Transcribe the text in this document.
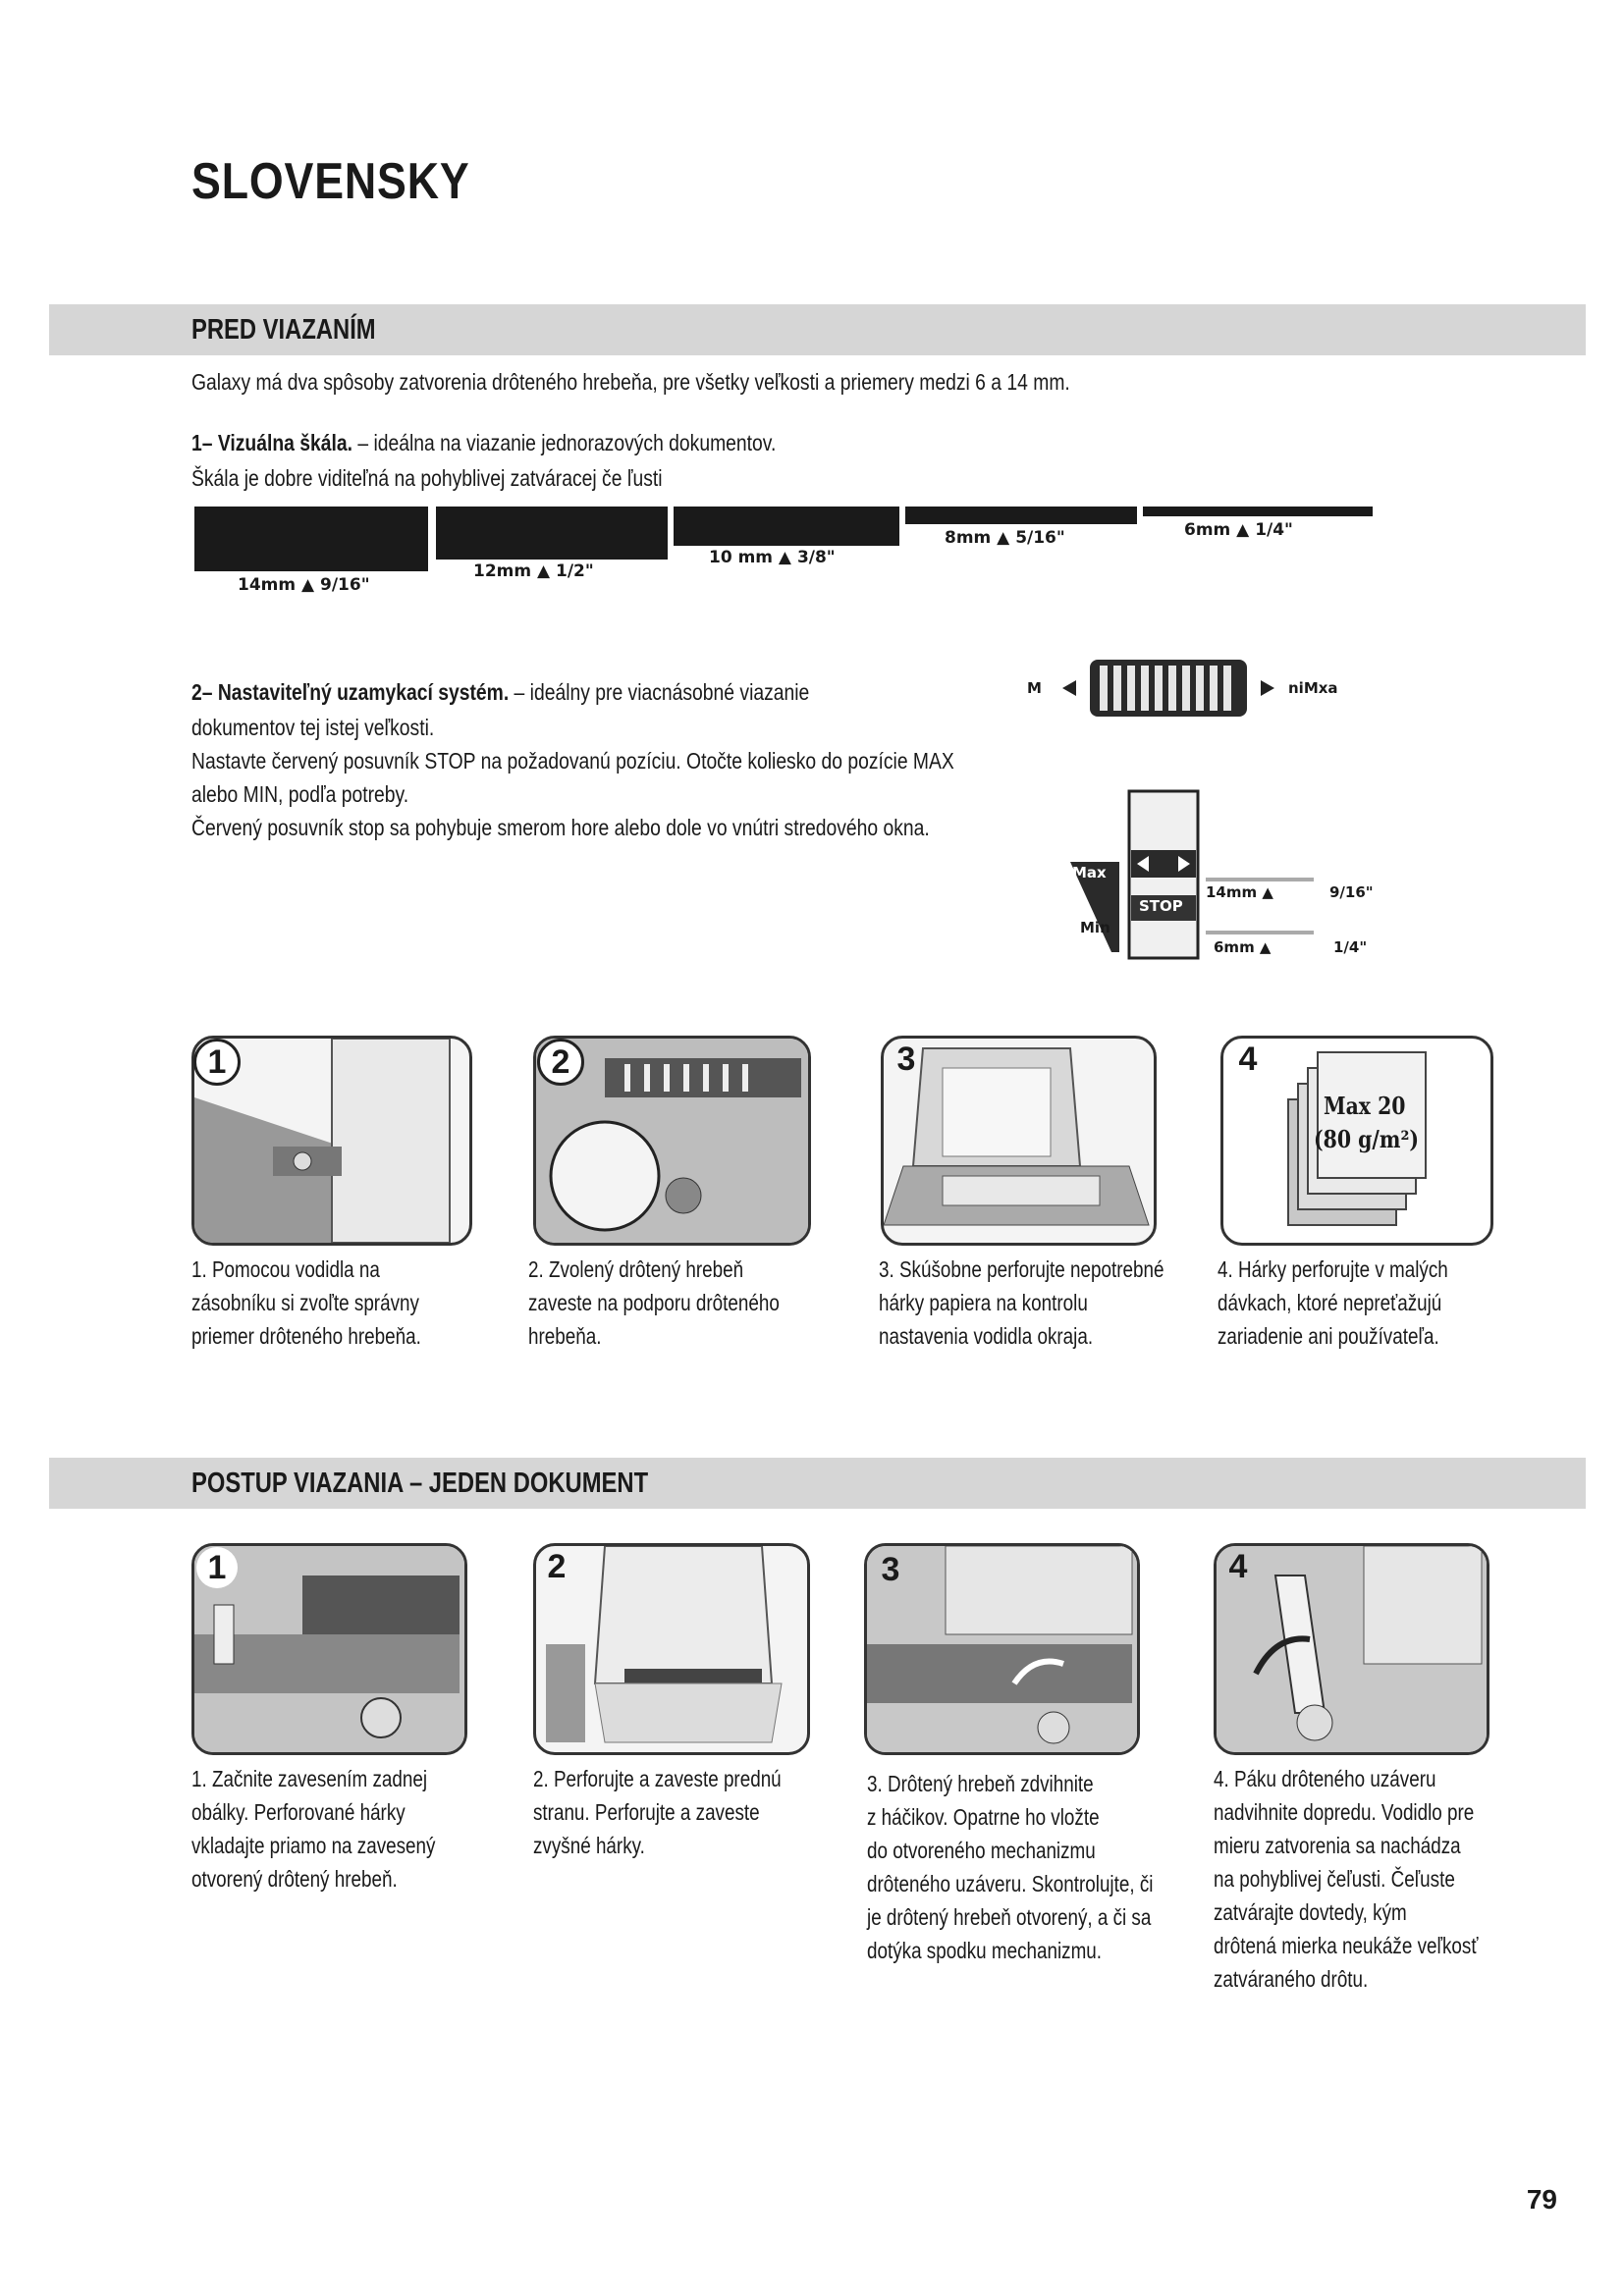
SLOVENSKY
PRED VIAZANÍM
Galaxy má dva spôsoby zatvorenia drôteného hrebeňa, pre všetky veľkosti a priemery medzi 6 a 14 mm.
1– Vizuálna škála. – ideálna na viazanie jednorazových dokumentov.
Škála je dobre viditeľná na pohyblivej zatváracej če ľusti
14mm ▲ 9/16"
12mm ▲ 1/2"
10 mm ▲ 3/8"
8mm ▲ 5/16"	6mm ▲ 1/4"
2– Nastaviteľný uzamykací systém. – ideálny pre viacnásobné viazanie
dokumentov tej istej veľkosti.
Nastavte červený posuvník STOP na požadovanú pozíciu. Otočte koliesko do pozície MAX
alebo MIN, podľa potreby.
Červený posuvník stop sa pohybuje smerom hore alebo dole vo vnútri stredového okna.
M	niMxa
Max
Min
STOP
14mm ▲	9/16"
6mm ▲	1/4"
1	2	3	4
Max 20
(80 g/m²)
1. Pomocou vodidla na
zásobníku si zvoľte správny
priemer drôteného hrebeňa.
2. Zvolený drôtený hrebeň
zaveste na podporu drôteného
hrebeňa.
3. Skúšobne perforujte nepotrebné
hárky papiera na kontrolu
nastavenia vodidla okraja.
4. Hárky perforujte v malých
dávkach, ktoré nepreťažujú
zariadenie ani používateľa.
POSTUP VIAZANIA – JEDEN DOKUMENT
1	2	3	4
1. Začnite zavesením zadnej
obálky. Perforované hárky
vkladajte priamo na zavesený
otvorený drôtený hrebeň.
2. Perforujte a zaveste prednú
stranu. Perforujte a zaveste
zvyšné hárky.
3. Drôtený hrebeň zdvihnite
z háčikov. Opatrne ho vložte
do otvoreného mechanizmu
drôteného uzáveru. Skontrolujte, či
je drôtený hrebeň otvorený, a či sa
dotýka spodku mechanizmu.
4. Páku drôteného uzáveru
nadvihnite dopredu. Vodidlo pre
mieru zatvorenia sa nachádza
na pohyblivej čeľusti. Čeľuste
zatvárajte dovtedy, kým
drôtená mierka neukáže veľkosť
zatváraného drôtu.
79
